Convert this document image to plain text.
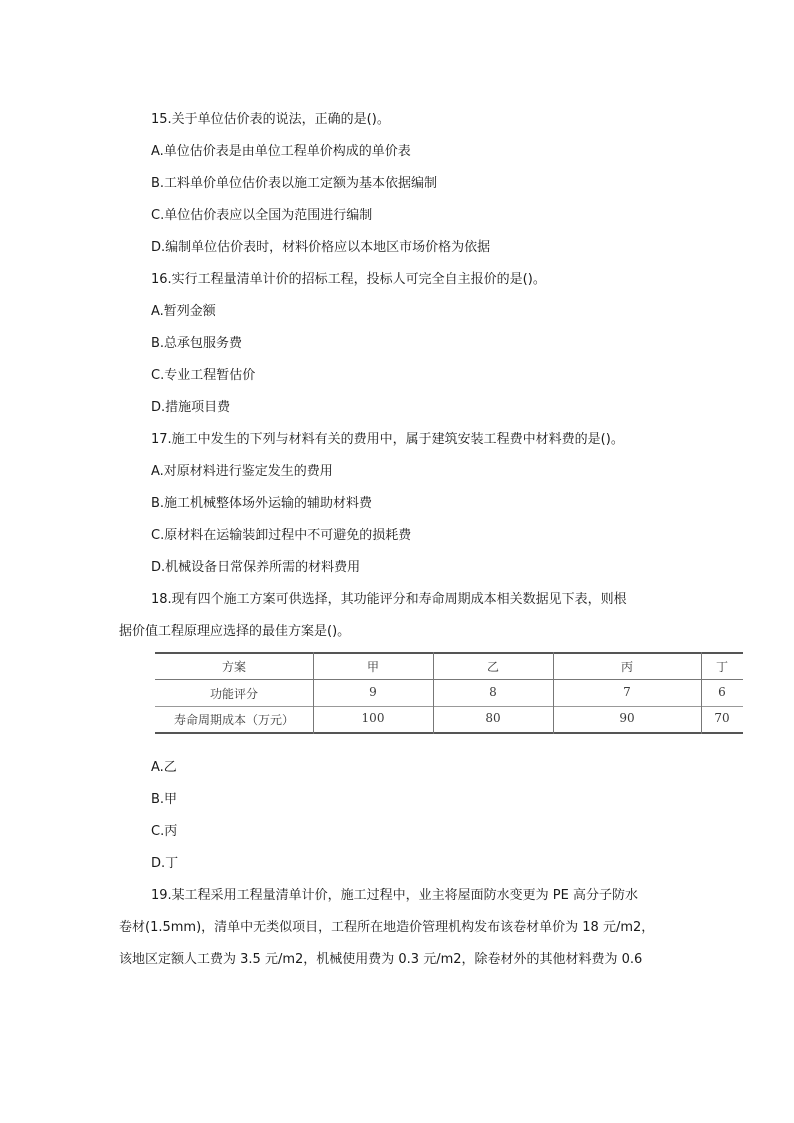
15.关于单位估价表的说法，正确的是()。
A.单位估价表是由单位工程单价构成的单价表
B.工料单价单位估价表以施工定额为基本依据编制
C.单位估价表应以全国为范围进行编制
D.编制单位估价表时，材料价格应以本地区市场价格为依据
16.实行工程量清单计价的招标工程，投标人可完全自主报价的是()。
A.暂列金额
B.总承包服务费
C.专业工程暂估价
D.措施项目费
17.施工中发生的下列与材料有关的费用中，属于建筑安装工程费中材料费的是()。
A.对原材料进行鉴定发生的费用
B.施工机械整体场外运输的辅助材料费
C.原材料在运输装卸过程中不可避免的损耗费
D.机械设备日常保养所需的材料费用
18.现有四个施工方案可供选择，其功能评分和寿命周期成本相关数据见下表，则根
据价值工程原理应选择的最佳方案是()。
方案	甲	乙	丙	丁
功能评分	9	8	7	6
寿命周期成本（万元）	100	80	90	70
A.乙
B.甲
C.丙
D.丁
19.某工程采用工程量清单计价，施工过程中，业主将屋面防水变更为 PE 高分子防水
卷材(1.5mm)，清单中无类似项目，工程所在地造价管理机构发布该卷材单价为 18 元/m2，
该地区定额人工费为 3.5 元/m2，机械使用费为 0.3 元/m2，除卷材外的其他材料费为 0.6
